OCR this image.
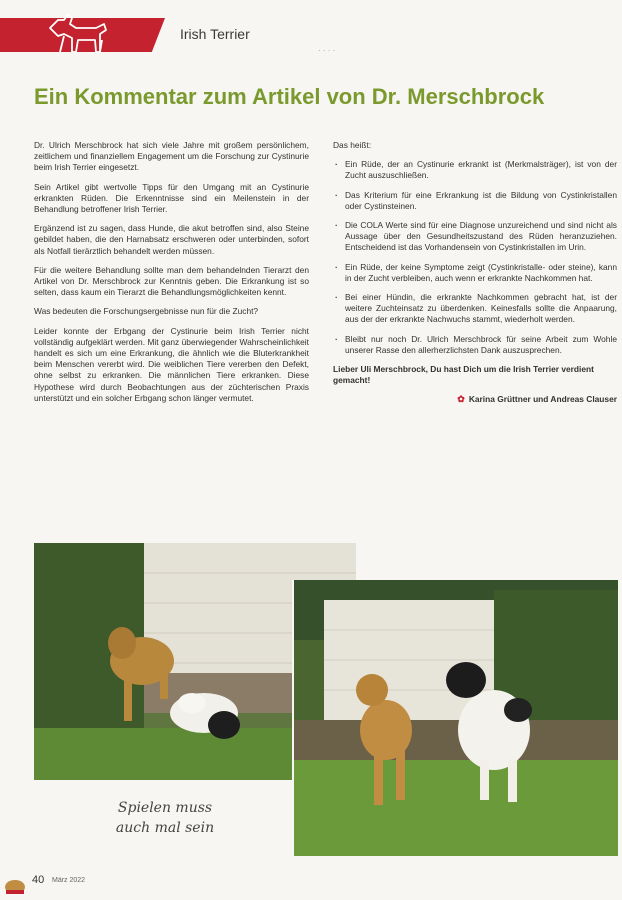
Irish Terrier
· · · ·
Ein Kommentar zum Artikel von Dr. Merschbrock

Dr. Ulrich Merschbrock hat sich viele Jahre mit großem persönlichem, zeitlichem und finanziellem Engagement um die Forschung zur Cystinurie beim Irish Terrier eingesetzt.

Sein Artikel gibt wertvolle Tipps für den Umgang mit an Cystinurie erkrankten Rüden. Die Erkenntnisse sind ein Meilenstein in der Behandlung betroffener Irish Terrier.

Ergänzend ist zu sagen, dass Hunde, die akut betroffen sind, also Steine gebildet haben, die den Harnabsatz erschweren oder unterbinden, sofort als Notfall tierärztlich behandelt werden müssen.

Für die weitere Behandlung sollte man dem behandelnden Tierarzt den Artikel von Dr. Merschbrock zur Kenntnis geben. Die Erkrankung ist so selten, dass kaum ein Tierarzt die Behandlungsmöglichkeiten kennt.

Was bedeuten die Forschungsergebnisse nun für die Zucht?

Leider konnte der Erbgang der Cystinurie beim Irish Terrier nicht vollständig aufgeklärt werden. Mit ganz überwiegender Wahrscheinlichkeit handelt es sich um eine Erkrankung, die ähnlich wie die Bluterkrankheit beim Menschen vererbt wird. Die weiblichen Tiere vererben den Defekt, ohne selbst zu erkranken. Die männlichen Tiere erkranken. Diese Hypothese wird durch Beobachtungen aus der züchterischen Praxis unterstützt und ein solcher Erbgang schon länger vermutet.

Das heißt:

· Ein Rüde, der an Cystinurie erkrankt ist (Merkmalsträger), ist von der Zucht auszuschließen.
· Das Kriterium für eine Erkrankung ist die Bildung von Cystinkristallen oder Cystinsteinen.
· Die COLA Werte sind für eine Diagnose unzureichend und sind nicht als Aussage über den Gesundheitszustand des Rüden heranzuziehen. Entscheidend ist das Vorhandensein von Cystinkristallen im Urin.
· Ein Rüde, der keine Symptome zeigt (Cystinkristalle- oder steine), kann in der Zucht verbleiben, auch wenn er erkrankte Nachkommen hat.
· Bei einer Hündin, die erkrankte Nachkommen gebracht hat, ist der weitere Zuchteinsatz zu überdenken. Keinesfalls sollte die Anpaarung, aus der der erkrankte Nachwuchs stammt, wiederholt werden.
· Bleibt nur noch Dr. Ulrich Merschbrock für seine Arbeit zum Wohle unserer Rasse den allerherzlichsten Dank auszusprechen.

Lieber Uli Merschbrock, Du hast Dich um die Irish Terrier verdient gemacht!

✿ Karina Grüttner und Andreas Clauser
Spielen muss
auch mal sein
40 März 2022
